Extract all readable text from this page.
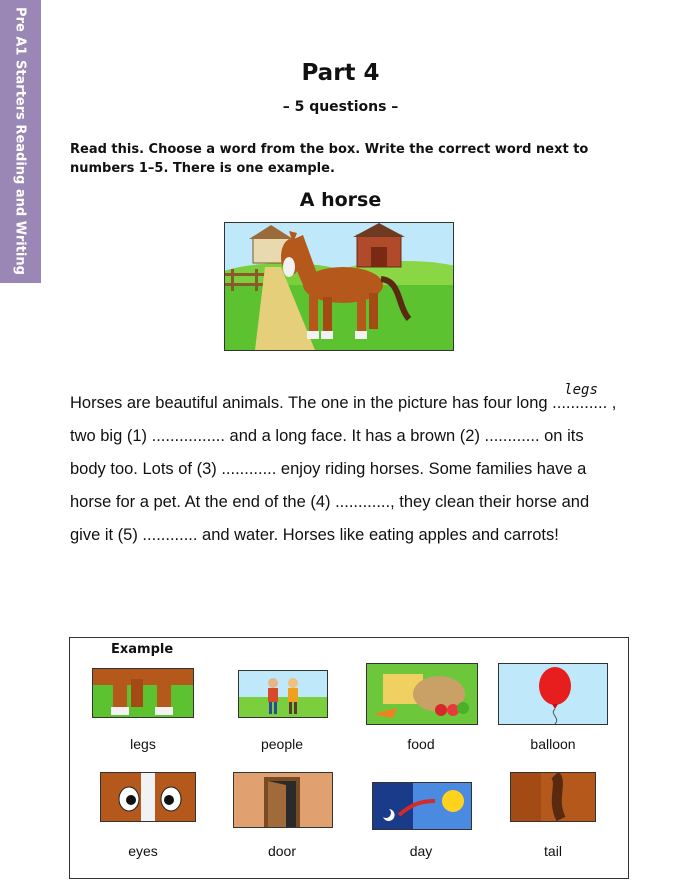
Pre A1 Starters Reading and Writing	Part 4
– 5 questions –
Read this. Choose a word from the box. Write the correct word next to numbers 1–5. There is one example.
A horse

Horses are beautiful animals. The one in the picture has four long ............
legs
,

two big (1) ................ and a long face. It has a brown (2) ............ on its

body too. Lots of (3) ............ enjoy riding horses. Some families have a

horse for a pet. At the end of the (4) ............, they clean their horse and

give it (5) ............ and water. Horses like eating apples and carrots!

Example
legs	people	food	balloon
eyes	door	day	tail
